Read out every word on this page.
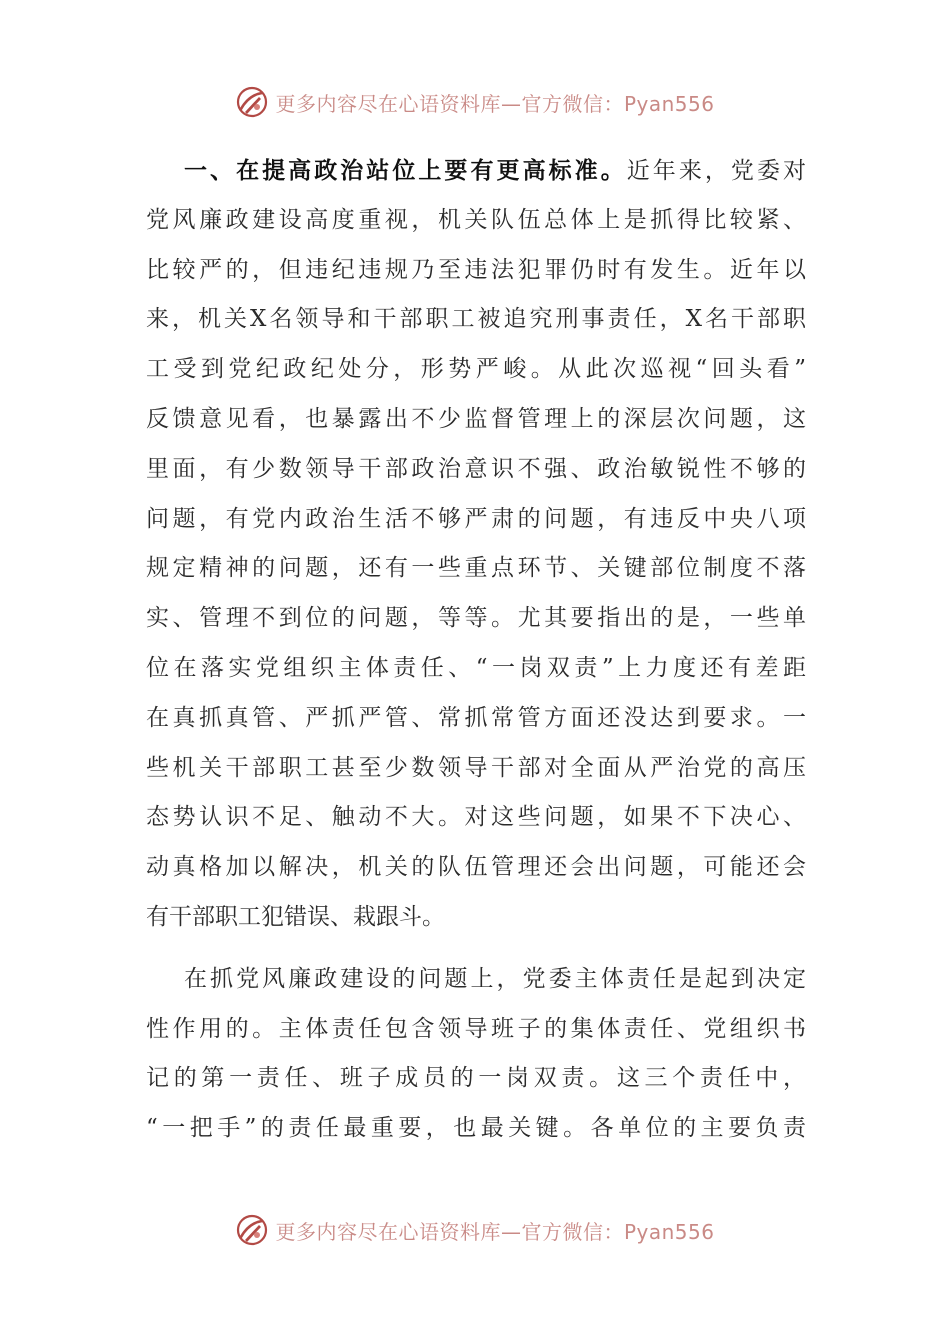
更多内容尽在心语资料库—官方微信：Pyan556
一、在提高政治站位上要有更高标准。近年来，党委对
党风廉政建设高度重视，机关队伍总体上是抓得比较紧、
比较严的，但违纪违规乃至违法犯罪仍时有发生。近年以
来，机关X名领导和干部职工被追究刑事责任，X名干部职
工受到党纪政纪处分，形势严峻。从此次巡视“回头看”
反馈意见看，也暴露出不少监督管理上的深层次问题，这
里面，有少数领导干部政治意识不强、政治敏锐性不够的
问题，有党内政治生活不够严肃的问题，有违反中央八项
规定精神的问题，还有一些重点环节、关键部位制度不落
实、管理不到位的问题，等等。尤其要指出的是，一些单
位在落实党组织主体责任、“一岗双责”上力度还有差距
在真抓真管、严抓严管、常抓常管方面还没达到要求。一
些机关干部职工甚至少数领导干部对全面从严治党的高压
态势认识不足、触动不大。对这些问题，如果不下决心、
动真格加以解决，机关的队伍管理还会出问题，可能还会
有干部职工犯错误、栽跟斗。
在抓党风廉政建设的问题上，党委主体责任是起到决定
性作用的。主体责任包含领导班子的集体责任、党组织书
记的第一责任、班子成员的一岗双责。这三个责任中，
“一把手”的责任最重要，也最关键。各单位的主要负责
更多内容尽在心语资料库—官方微信：Pyan556
